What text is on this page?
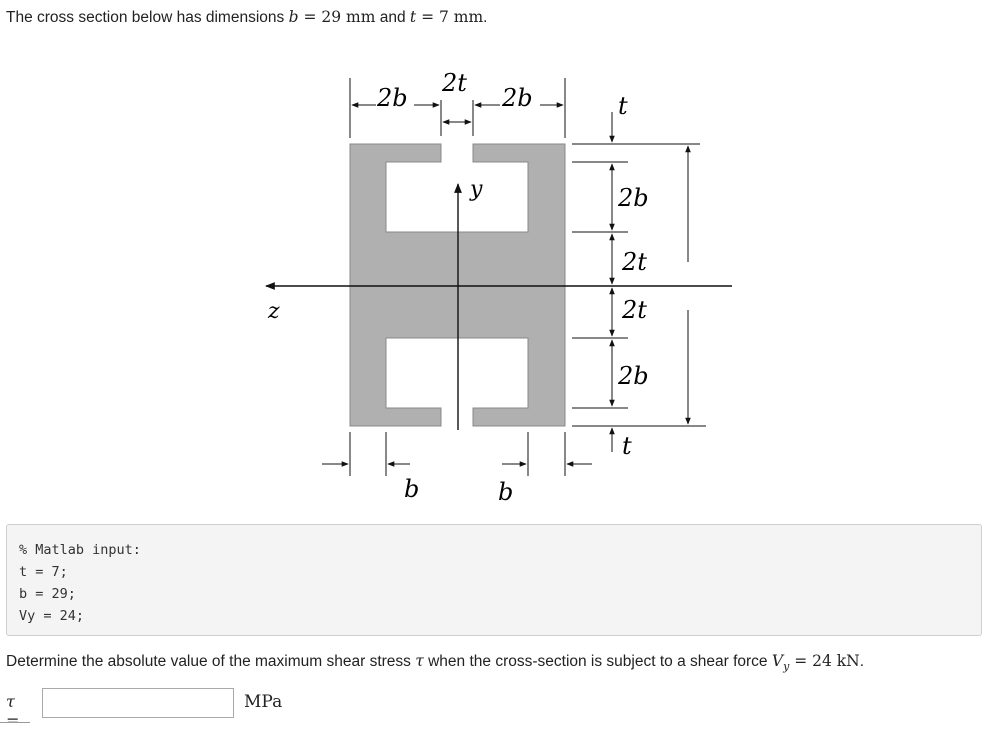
The cross section below has dimensions b = 29 mm and t = 7 mm.
y
z
2b
2t
2b	t
2b
2t
2t
2b
t
b	b
% Matlab input:
t = 7;
b = 29;
Vy = 24;
Determine the absolute value of the maximum shear stress τ when the cross-section is subject to a shear force $V_y = 24$ kN.
τ =
MPa
